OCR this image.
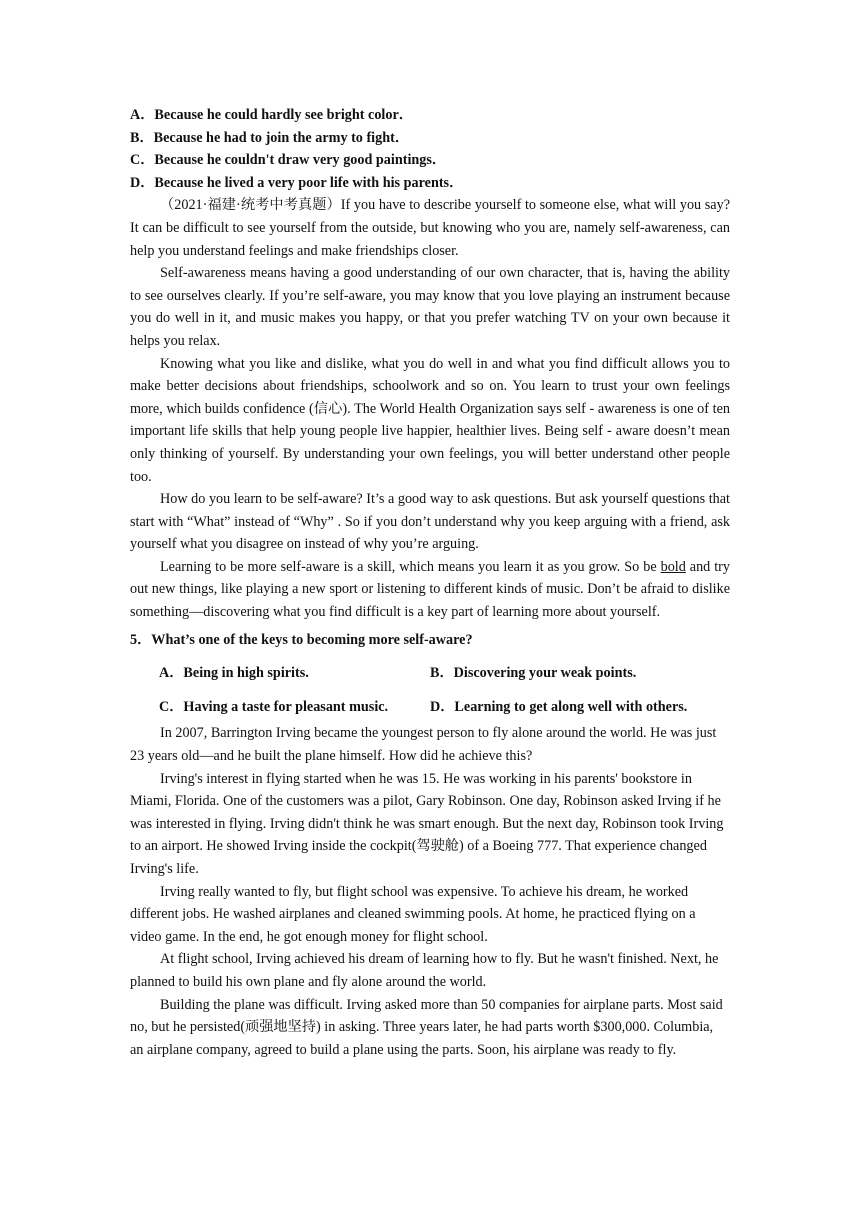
A．Because he could hardly see bright color．

B．Because he had to join the army to fight．

C．Because he couldn't draw very good paintings．

D．Because he lived a very poor life with his parents．

（2021·福建·统考中考真题）If you have to describe yourself to someone else, what will you say? It can be difficult to see yourself from the outside, but knowing who you are, namely self-awareness, can help you understand feelings and make friendships closer.

Self-awareness means having a good understanding of our own character, that is, having the ability to see ourselves clearly. If you’re self-aware, you may know that you love playing an instrument because you do well in it, and music makes you happy, or that you prefer watching TV on your own because it helps you relax.

Knowing what you like and dislike, what you do well in and what you find difficult allows you to make better decisions about friendships, schoolwork and so on. You learn to trust your own feelings more, which builds confidence (信心). The World Health Organization says self - awareness is one of ten important life skills that help young people live happier, healthier lives. Being self - aware doesn’t mean only thinking of yourself. By understanding your own feelings, you will better understand other people too.

How do you learn to be self-aware? It’s a good way to ask questions. But ask yourself questions that start with “What” instead of “Why” . So if you don’t understand why you keep arguing with a friend, ask yourself what you disagree on instead of why you’re arguing.

Learning to be more self-aware is a skill, which means you learn it as you grow. So be bold and try out new things, like playing a new sport or listening to different kinds of music. Don’t be afraid to dislike something—discovering what you find difficult is a key part of learning more about yourself.

5．What’s one of the keys to becoming more self-aware?

A．Being in high spirits.	B．Discovering your weak points.
C．Having a taste for pleasant music.	D．Learning to get along well with others.

In 2007, Barrington Irving became the youngest person to fly alone around the world. He was just 23 years old—and he built the plane himself. How did he achieve this?

Irving's interest in flying started when he was 15. He was working in his parents' bookstore in Miami, Florida. One of the customers was a pilot, Gary Robinson. One day, Robinson asked Irving if he was interested in flying. Irving didn't think he was smart enough. But the next day, Robinson took Irving to an airport. He showed Irving inside the cockpit(驾驶舱) of a Boeing 777. That experience changed Irving's life.

Irving really wanted to fly, but flight school was expensive. To achieve his dream, he worked different jobs. He washed airplanes and cleaned swimming pools. At home, he practiced flying on a video game. In the end, he got enough money for flight school.

At flight school, Irving achieved his dream of learning how to fly. But he wasn't finished. Next, he planned to build his own plane and fly alone around the world.

Building the plane was difficult. Irving asked more than 50 companies for airplane parts. Most said no, but he persisted(顽强地坚持) in asking. Three years later, he had parts worth $300,000. Columbia, an airplane company, agreed to build a plane using the parts. Soon, his airplane was ready to fly.
